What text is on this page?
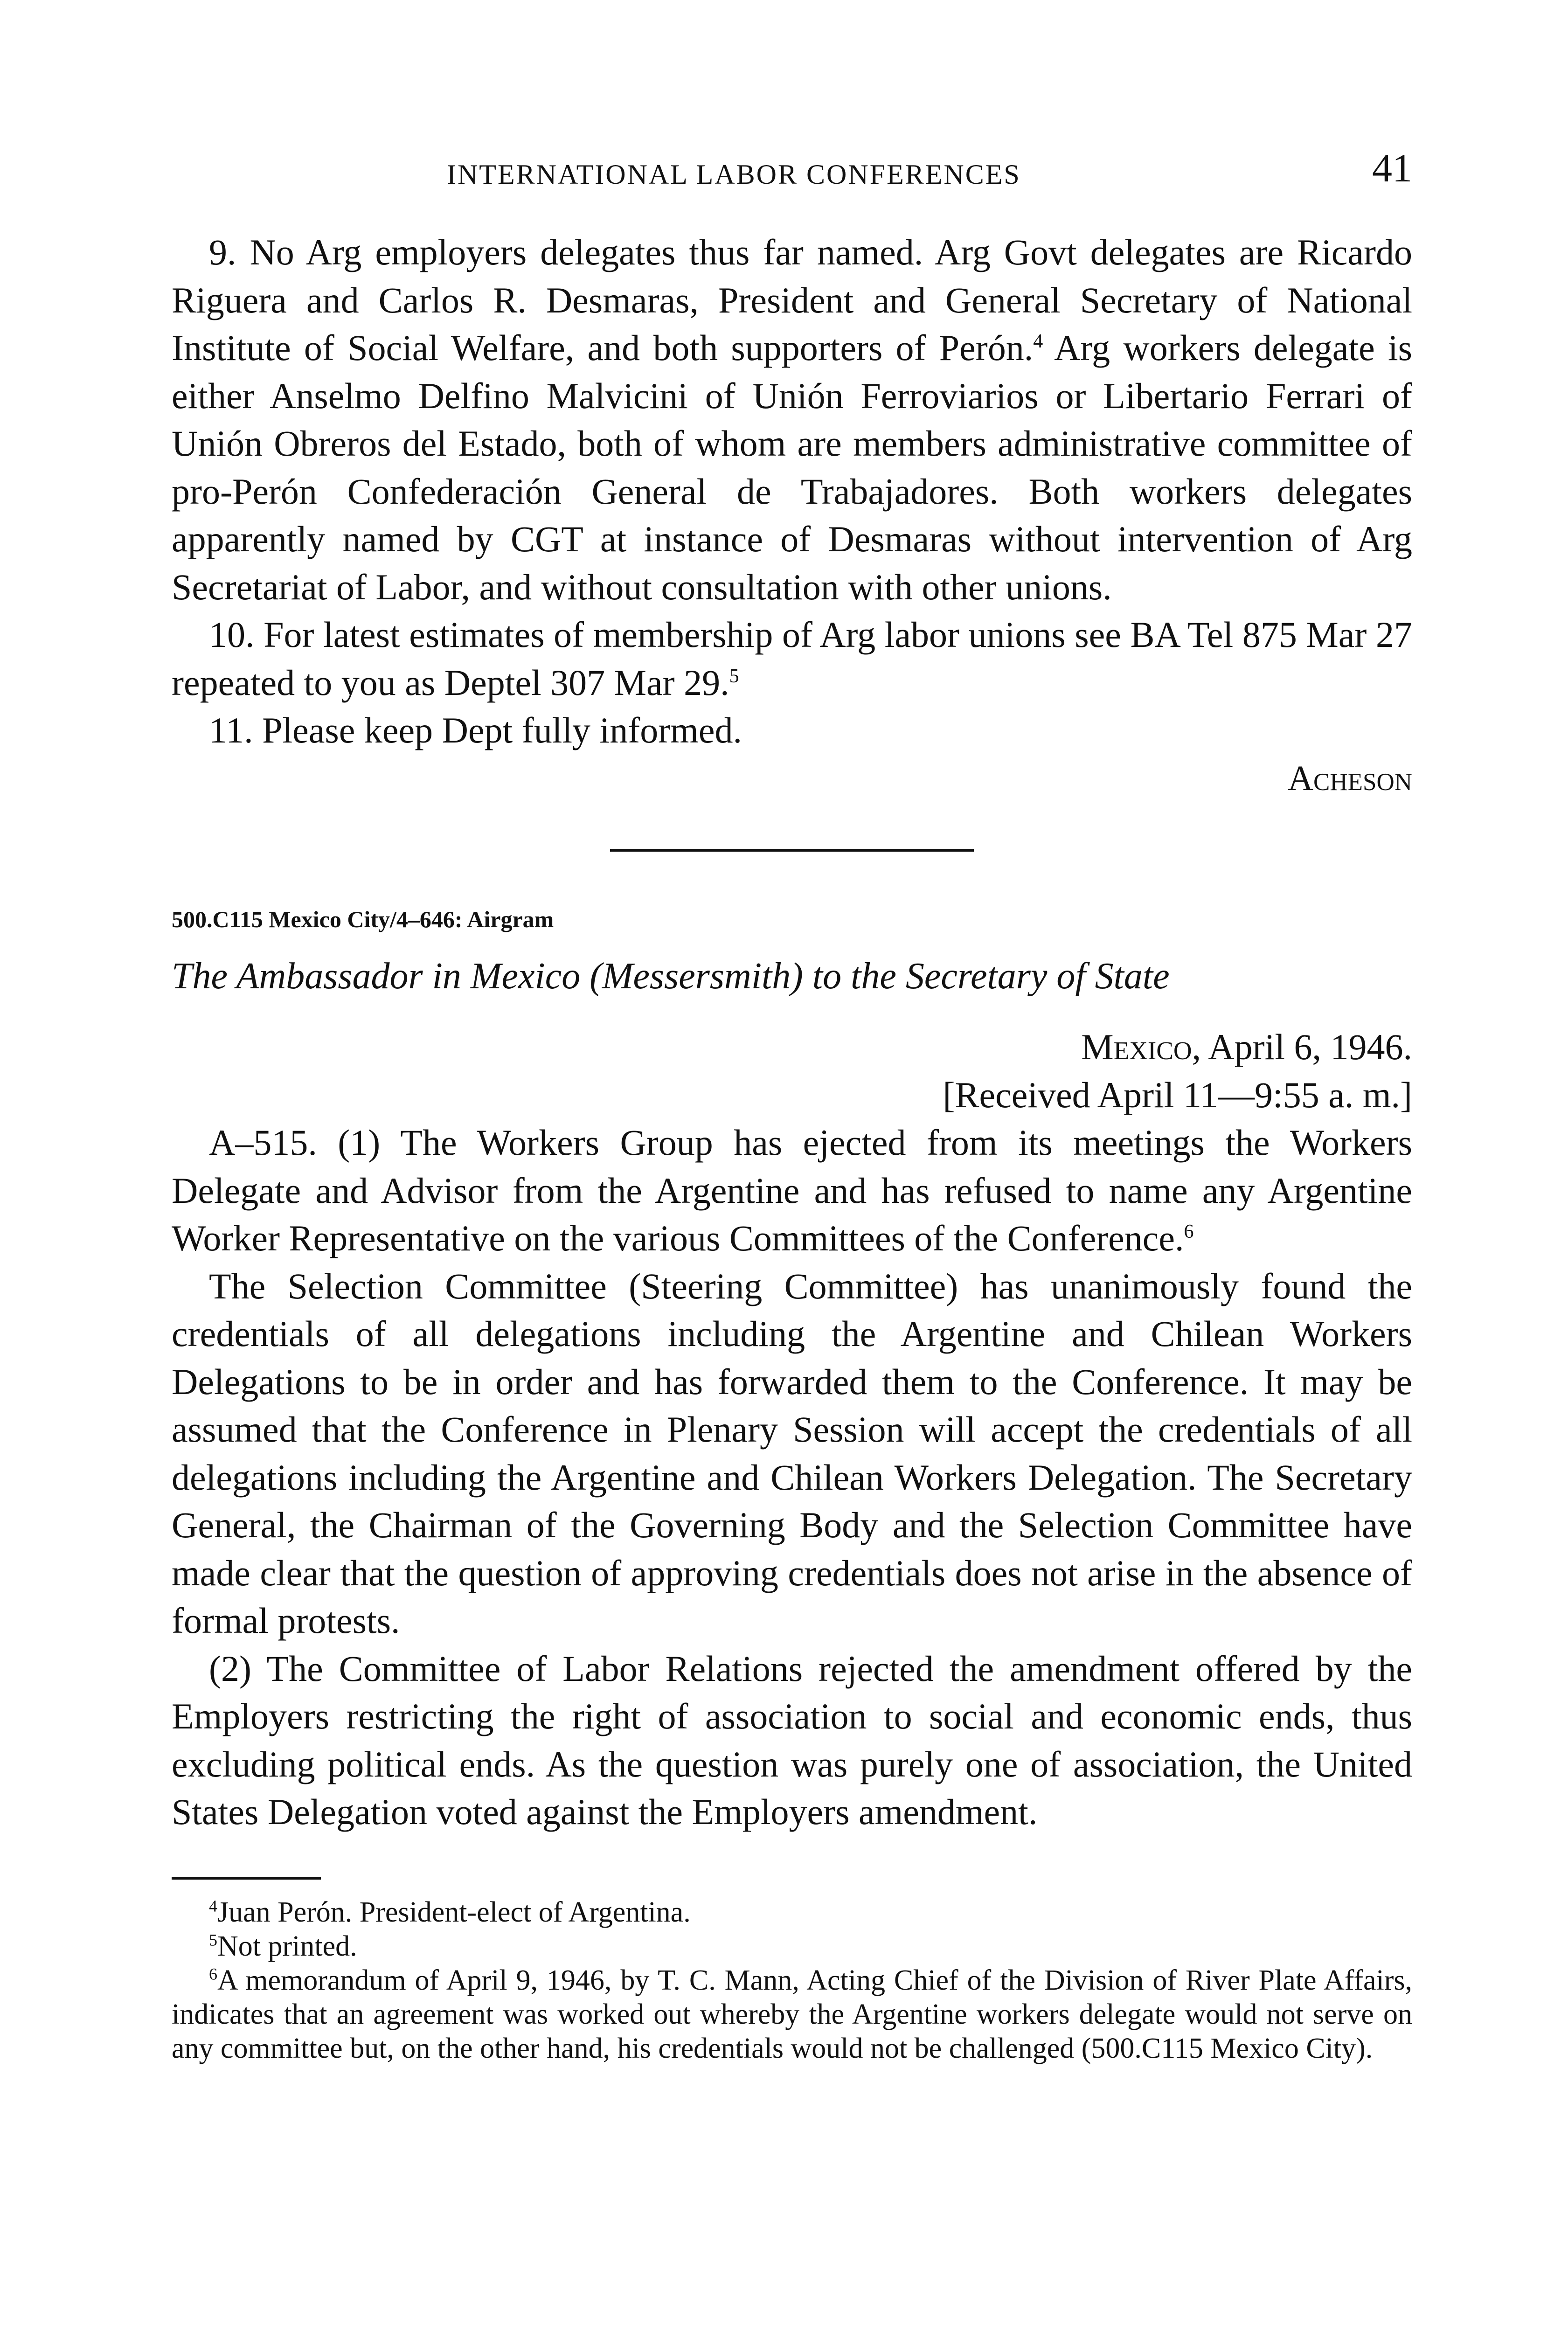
INTERNATIONAL LABOR CONFERENCES	41

9. No Arg employers delegates thus far named. Arg Govt delegates are Ricardo Riguera and Carlos R. Desmaras, President and General Secretary of National Institute of Social Welfare, and both supporters of Perón.$^4$ Arg workers delegate is either Anselmo Delfino Malvicini of Unión Ferroviarios or Libertario Ferrari of Unión Obreros del Estado, both of whom are members administrative committee of pro-Perón Confederación General de Trabajadores. Both workers delegates apparently named by CGT at instance of Desmaras without intervention of Arg Secretariat of Labor, and without consultation with other unions.

10. For latest estimates of membership of Arg labor unions see BA Tel 875 Mar 27 repeated to you as Deptel 307 Mar 29.$^5$

11. Please keep Dept fully informed.

Acheson

500.C115 Mexico City/4–646: Airgram

The Ambassador in Mexico (Messersmith) to the Secretary of State

Mexico, April 6, 1946.

[Received April 11—9:55 a. m.]

A–515. (1) The Workers Group has ejected from its meetings the Workers Delegate and Advisor from the Argentine and has refused to name any Argentine Worker Representative on the various Committees of the Conference.$^6$

The Selection Committee (Steering Committee) has unanimously found the credentials of all delegations including the Argentine and Chilean Workers Delegations to be in order and has forwarded them to the Conference. It may be assumed that the Conference in Plenary Session will accept the credentials of all delegations including the Argentine and Chilean Workers Delegation. The Secretary General, the Chairman of the Governing Body and the Selection Committee have made clear that the question of approving credentials does not arise in the absence of formal protests.

(2) The Committee of Labor Relations rejected the amendment offered by the Employers restricting the right of association to social and economic ends, thus excluding political ends. As the question was purely one of association, the United States Delegation voted against the Employers amendment.

$^4$Juan Perón. President-elect of Argentina.

$^5$Not printed.

$^6$A memorandum of April 9, 1946, by T. C. Mann, Acting Chief of the Division of River Plate Affairs, indicates that an agreement was worked out whereby the Argentine workers delegate would not serve on any committee but, on the other hand, his credentials would not be challenged (500.C115 Mexico City).
